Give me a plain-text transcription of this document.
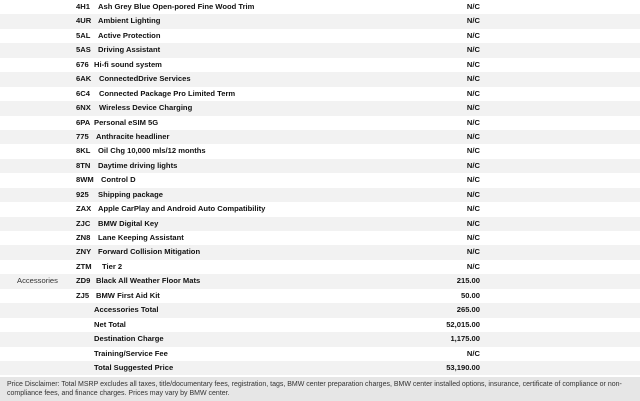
4H1 Ash Grey Blue Open-pored Fine Wood Trim	N/C
4UR Ambient Lighting	N/C
5AL Active Protection	N/C
5AS Driving Assistant	N/C
676 Hi-fi sound system	N/C
6AK ConnectedDrive Services	N/C
6C4 Connected Package Pro Limited Term	N/C
6NX Wireless Device Charging	N/C
6PA Personal eSIM 5G	N/C
775 Anthracite headliner	N/C
8KL Oil Chg 10,000 mls/12 months	N/C
8TN Daytime driving lights	N/C
8WM Control D	N/C
925 Shipping package	N/C
ZAX Apple CarPlay and Android Auto Compatibility	N/C
ZJC BMW Digital Key	N/C
ZN8 Lane Keeping Assistant	N/C
ZNY Forward Collision Mitigation	N/C
ZTM Tier 2	N/C
Accessories ZD9 Black All Weather Floor Mats	215.00
ZJ5 BMW First Aid Kit	50.00
Accessories Total	265.00
Net Total	52,015.00
Destination Charge	1,175.00
Training/Service Fee	N/C
Total Suggested Price	53,190.00
Price Disclaimer: Total MSRP excludes all taxes, title/documentary fees, registration, tags, BMW center preparation charges, BMW center installed options, insurance, certificate of compliance or non-compliance fees, and finance charges. Prices may vary by BMW center.
